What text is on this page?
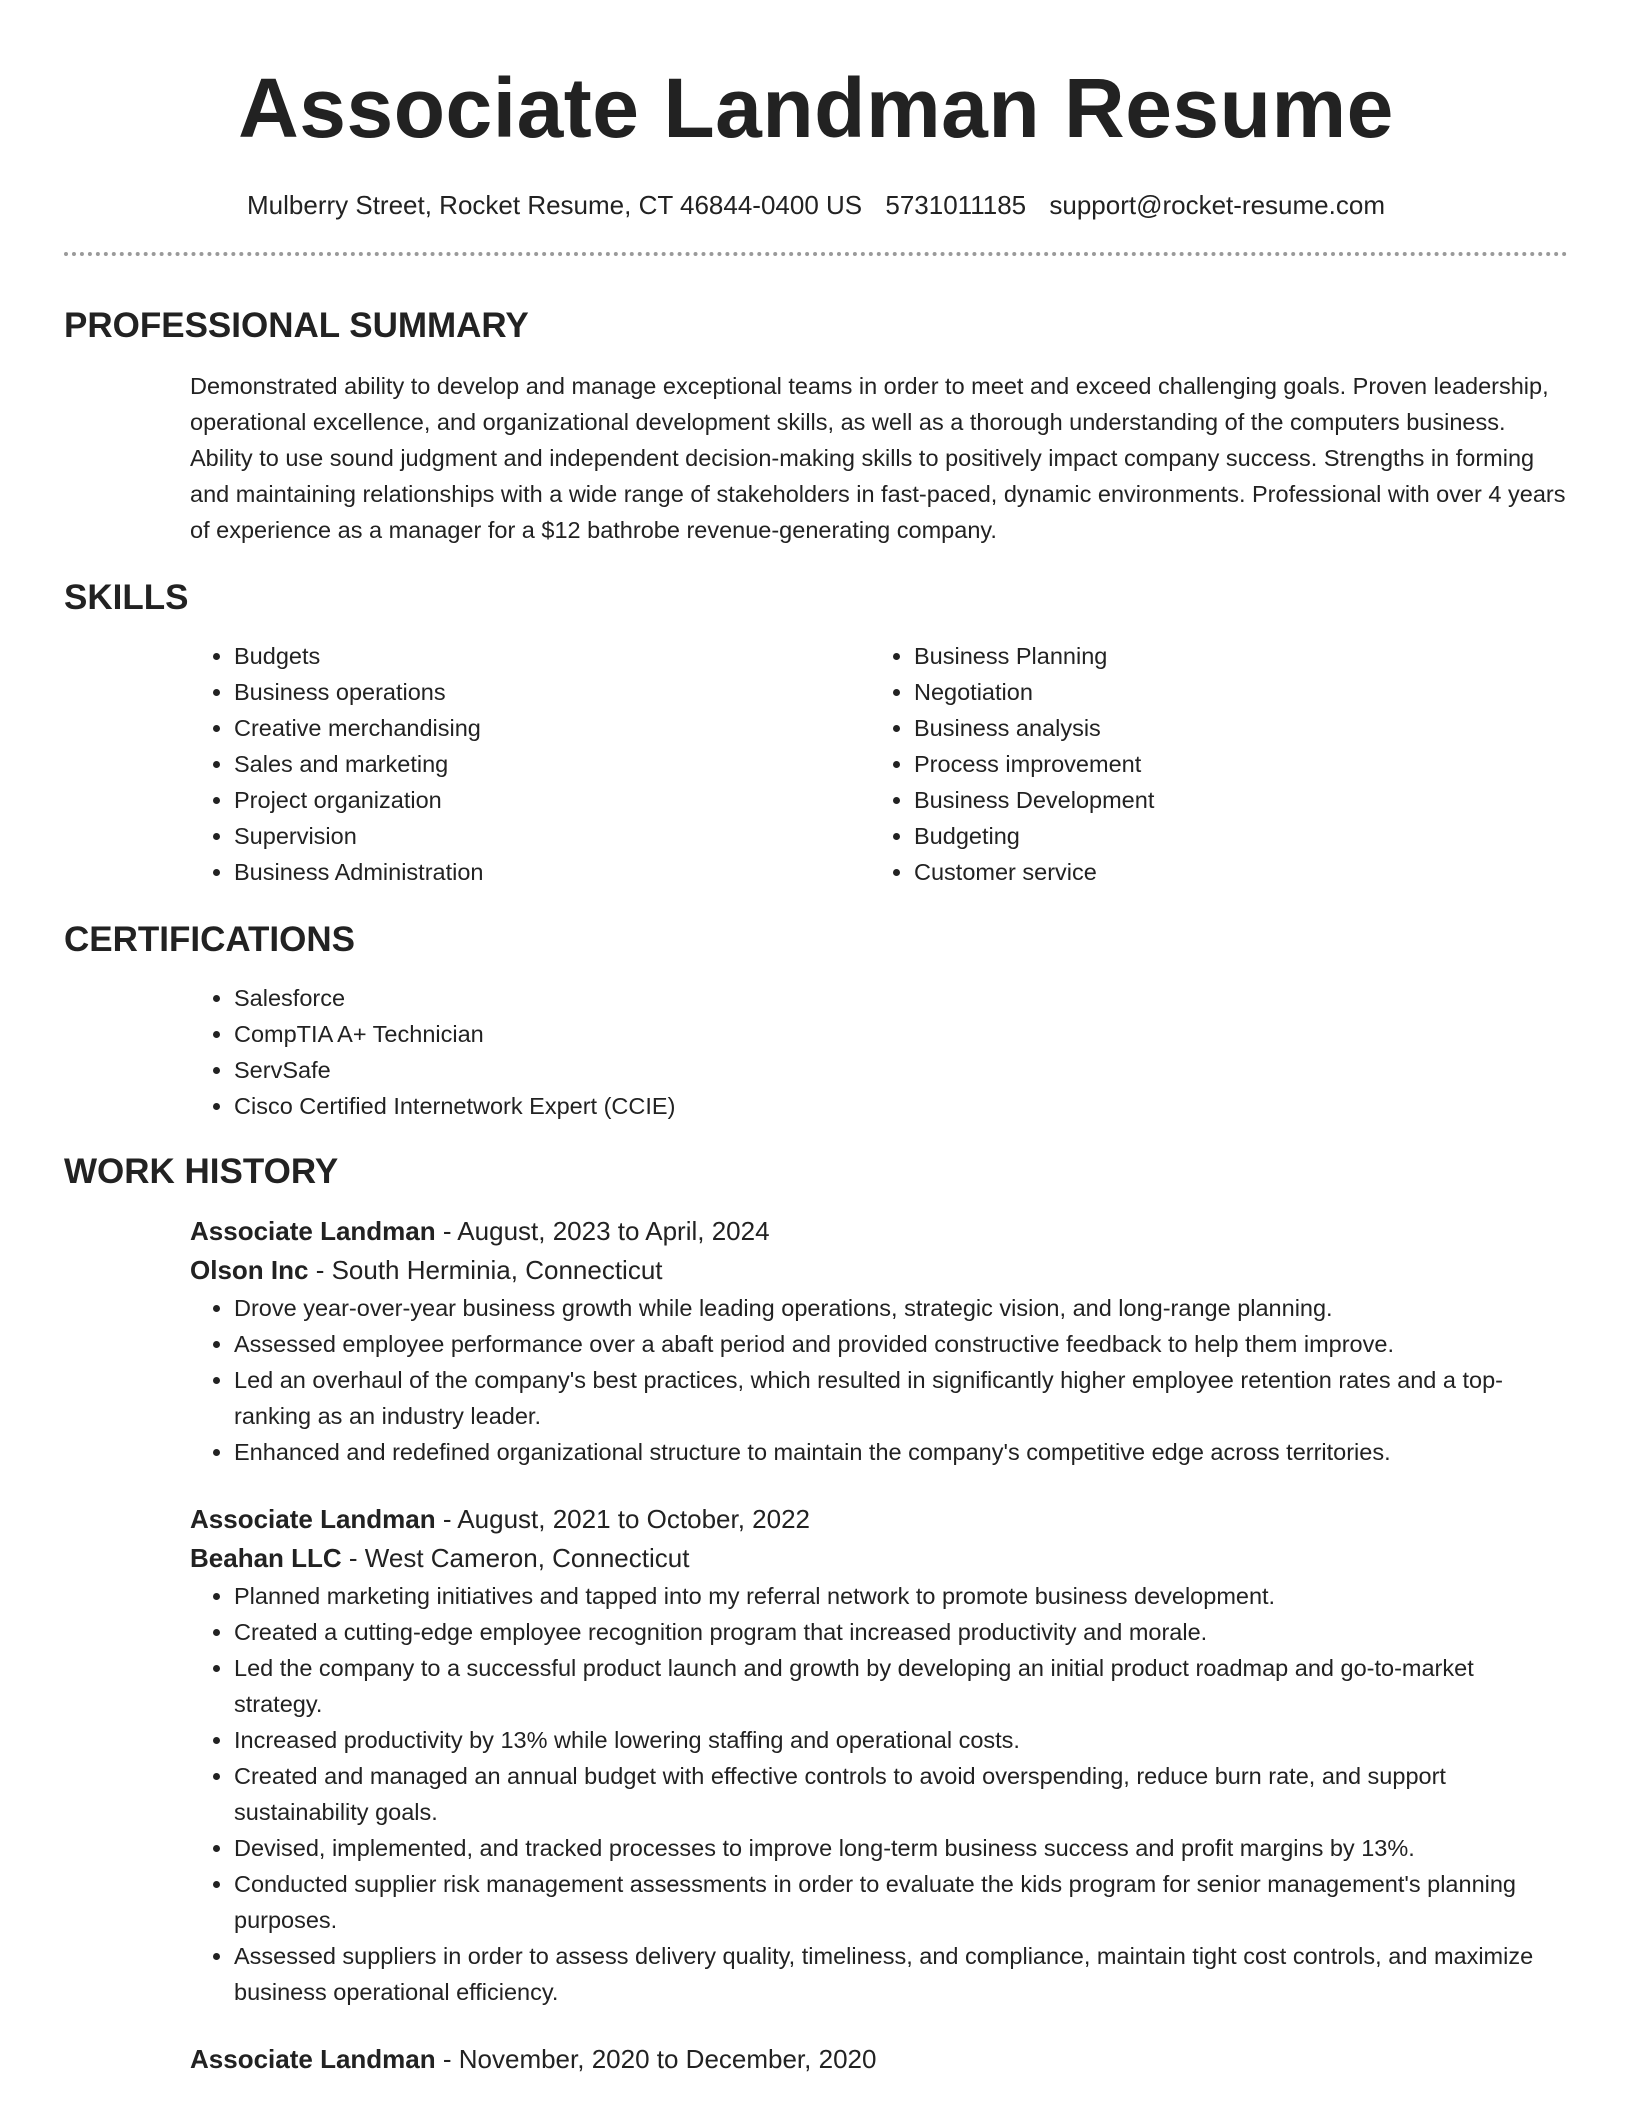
Associate Landman Resume
Mulberry Street, Rocket Resume, CT 46844-0400 US 5731011185 support@rocket-resume.com
PROFESSIONAL SUMMARY
Demonstrated ability to develop and manage exceptional teams in order to meet and exceed challenging goals. Proven leadership, operational excellence, and organizational development skills, as well as a thorough understanding of the computers business. Ability to use sound judgment and independent decision-making skills to positively impact company success. Strengths in forming and maintaining relationships with a wide range of stakeholders in fast-paced, dynamic environments. Professional with over 4 years of experience as a manager for a $12 bathrobe revenue-generating company.
SKILLS
• Budgets
• Business operations
• Creative merchandising
• Sales and marketing
• Project organization
• Supervision
• Business Administration
• Business Planning
• Negotiation
• Business analysis
• Process improvement
• Business Development
• Budgeting
• Customer service
CERTIFICATIONS
• Salesforce
• CompTIA A+ Technician
• ServSafe
• Cisco Certified Internetwork Expert (CCIE)
WORK HISTORY
Associate Landman - August, 2023 to April, 2024
Olson Inc - South Herminia, Connecticut
• Drove year-over-year business growth while leading operations, strategic vision, and long-range planning.
• Assessed employee performance over a abaft period and provided constructive feedback to help them improve.
• Led an overhaul of the company's best practices, which resulted in significantly higher employee retention rates and a top-ranking as an industry leader.
• Enhanced and redefined organizational structure to maintain the company's competitive edge across territories.
Associate Landman - August, 2021 to October, 2022
Beahan LLC - West Cameron, Connecticut
• Planned marketing initiatives and tapped into my referral network to promote business development.
• Created a cutting-edge employee recognition program that increased productivity and morale.
• Led the company to a successful product launch and growth by developing an initial product roadmap and go-to-market strategy.
• Increased productivity by 13% while lowering staffing and operational costs.
• Created and managed an annual budget with effective controls to avoid overspending, reduce burn rate, and support sustainability goals.
• Devised, implemented, and tracked processes to improve long-term business success and profit margins by 13%.
• Conducted supplier risk management assessments in order to evaluate the kids program for senior management's planning purposes.
• Assessed suppliers in order to assess delivery quality, timeliness, and compliance, maintain tight cost controls, and maximize business operational efficiency.
Associate Landman - November, 2020 to December, 2020
